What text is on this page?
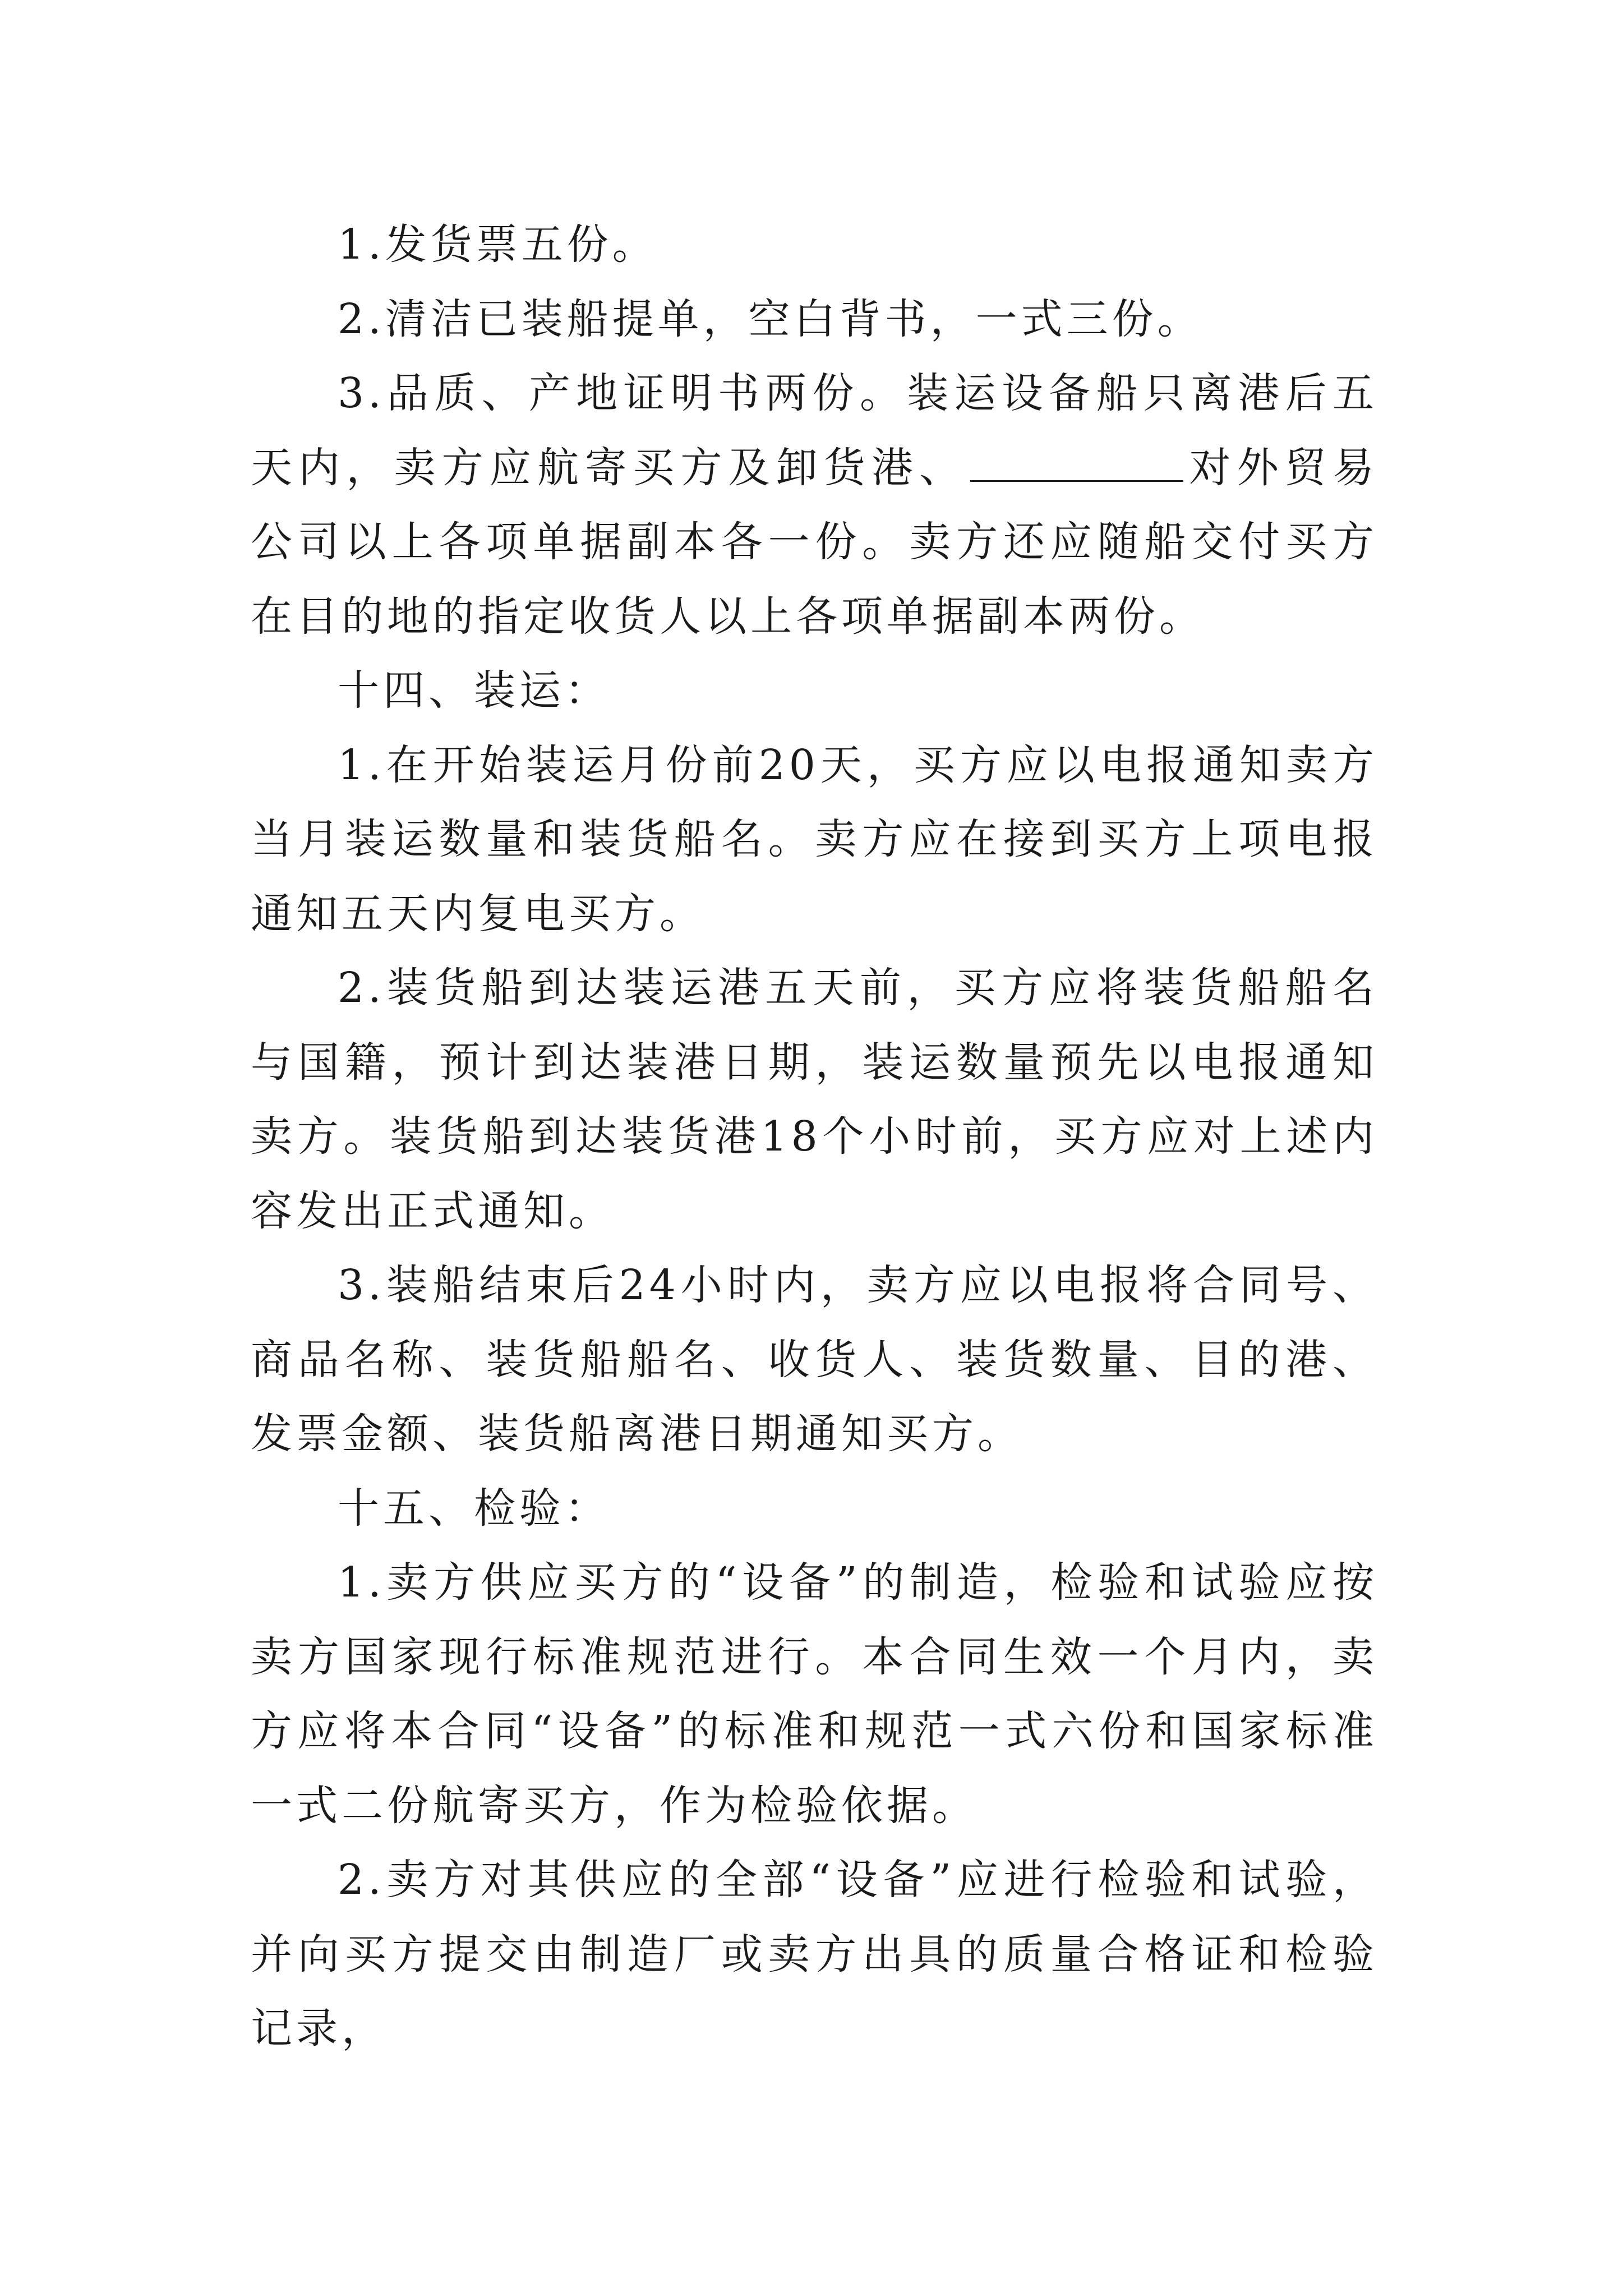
1.发货票五份。

2.清洁已装船提单，空白背书，一式三份。

3.品质、产地证明书两份。装运设备船只离港后五天内，卖方应航寄买方及卸货港、	对外贸易公司以上各项单据副本各一份。卖方还应随船交付买方在目的地的指定收货人以上各项单据副本两份。

十四、装运：

1.在开始装运月份前20天，买方应以电报通知卖方当月装运数量和装货船名。卖方应在接到买方上项电报通知五天内复电买方。

2.装货船到达装运港五天前，买方应将装货船船名与国籍，预计到达装港日期，装运数量预先以电报通知卖方。装货船到达装货港18个小时前，买方应对上述内容发出正式通知。

3.装船结束后24小时内，卖方应以电报将合同号、商品名称、装货船船名、收货人、装货数量、目的港、发票金额、装货船离港日期通知买方。

十五、检验：

1.卖方供应买方的“设备”的制造，检验和试验应按卖方国家现行标准规范进行。本合同生效一个月内，卖方应将本合同“设备”的标准和规范一式六份和国家标准一式二份航寄买方，作为检验依据。

2.卖方对其供应的全部“设备”应进行检验和试验，并向买方提交由制造厂或卖方出具的质量合格证和检验记录，
